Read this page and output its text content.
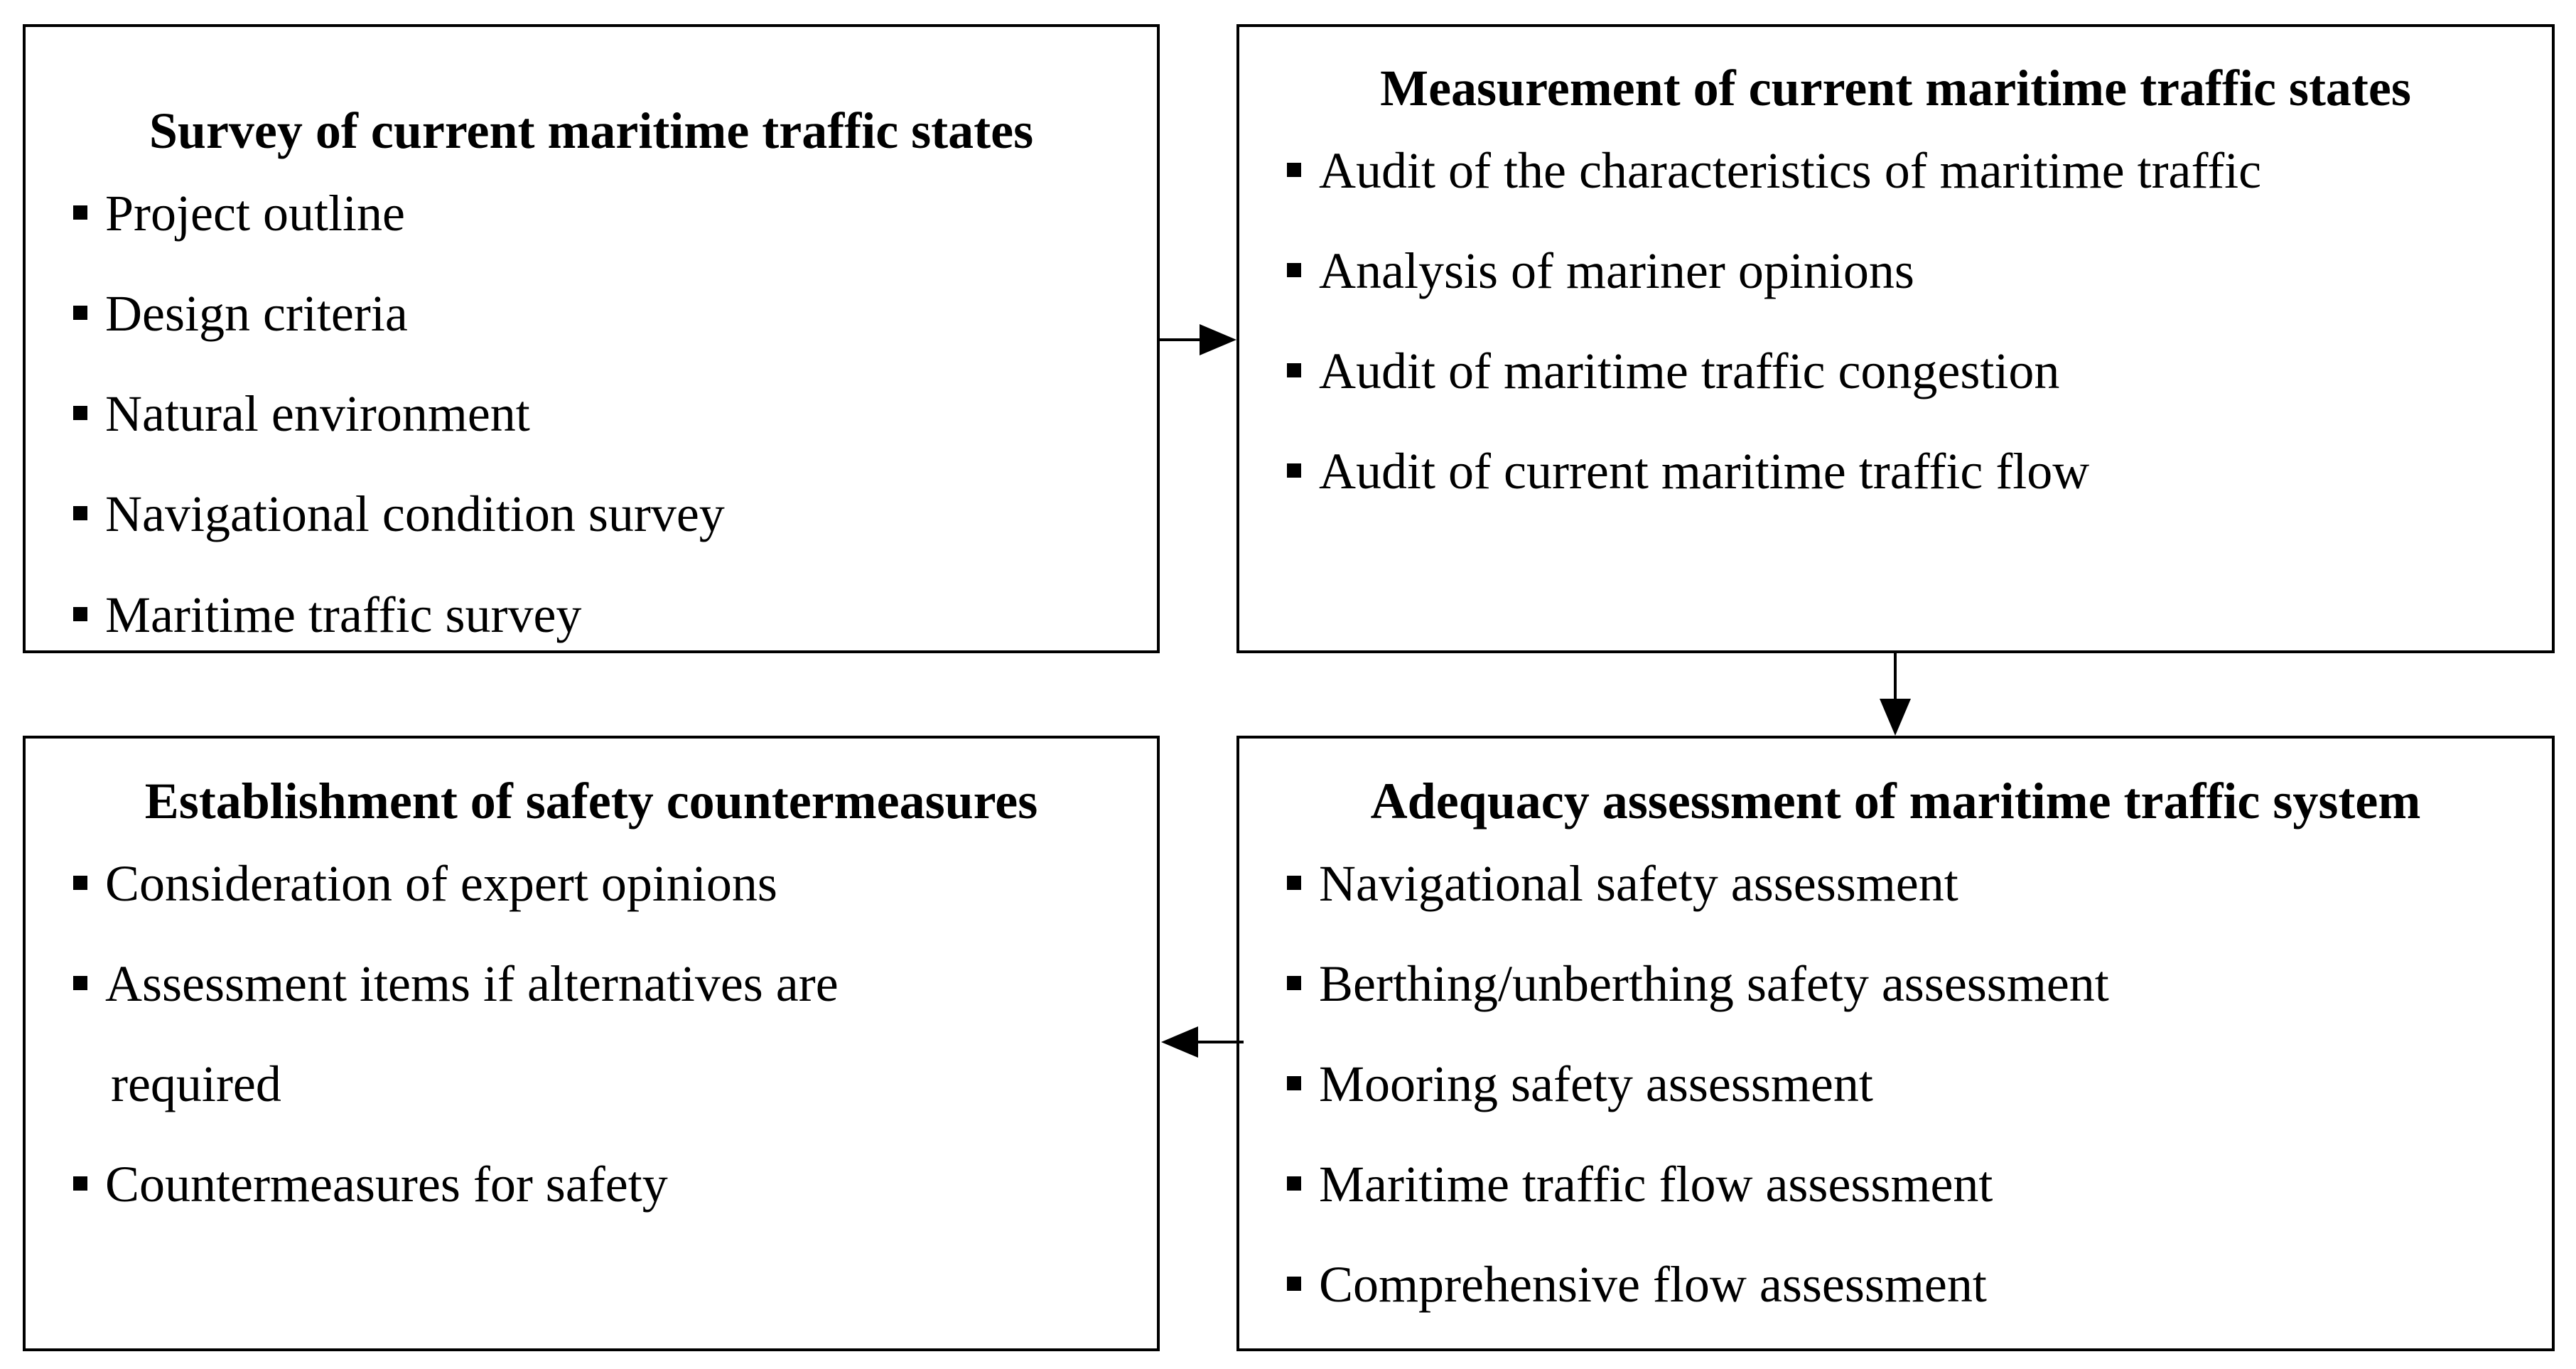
Survey of current maritime traffic states
Project outline
Design criteria
Natural environment
Navigational condition survey
Maritime traffic survey
Measurement of current maritime traffic states
Audit of the characteristics of maritime traffic
Analysis of mariner opinions
Audit of maritime traffic congestion
Audit of current maritime traffic flow
Establishment of safety countermeasures
Consideration of expert opinions
Assessment items if alternatives are
required
Countermeasures for safety
Adequacy assessment of maritime traffic system
Navigational safety assessment
Berthing/unberthing safety assessment
Mooring safety assessment
Maritime traffic flow assessment
Comprehensive flow assessment
